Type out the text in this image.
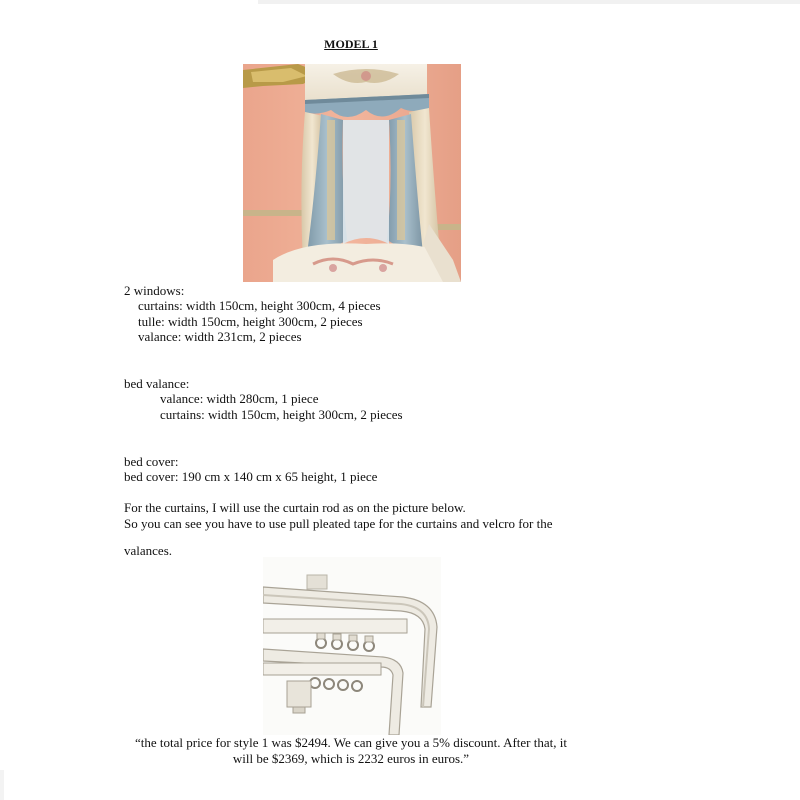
MODEL 1
2 windows:
curtains: width 150cm, height 300cm, 4 pieces
tulle: width 150cm, height 300cm, 2 pieces
valance: width 231cm, 2 pieces
bed valance:
valance: width 280cm, 1 piece
curtains: width 150cm, height 300cm, 2 pieces
bed cover:
bed cover: 190 cm x 140 cm x 65 height, 1 piece
For the curtains, I will use the curtain rod as on the picture below.
So you can see you have to use pull pleated tape for the curtains and velcro for the
valances.
“the total price for style 1 was $2494. We can give you a 5% discount. After that, it
will be $2369, which is 2232 euros in euros.”
